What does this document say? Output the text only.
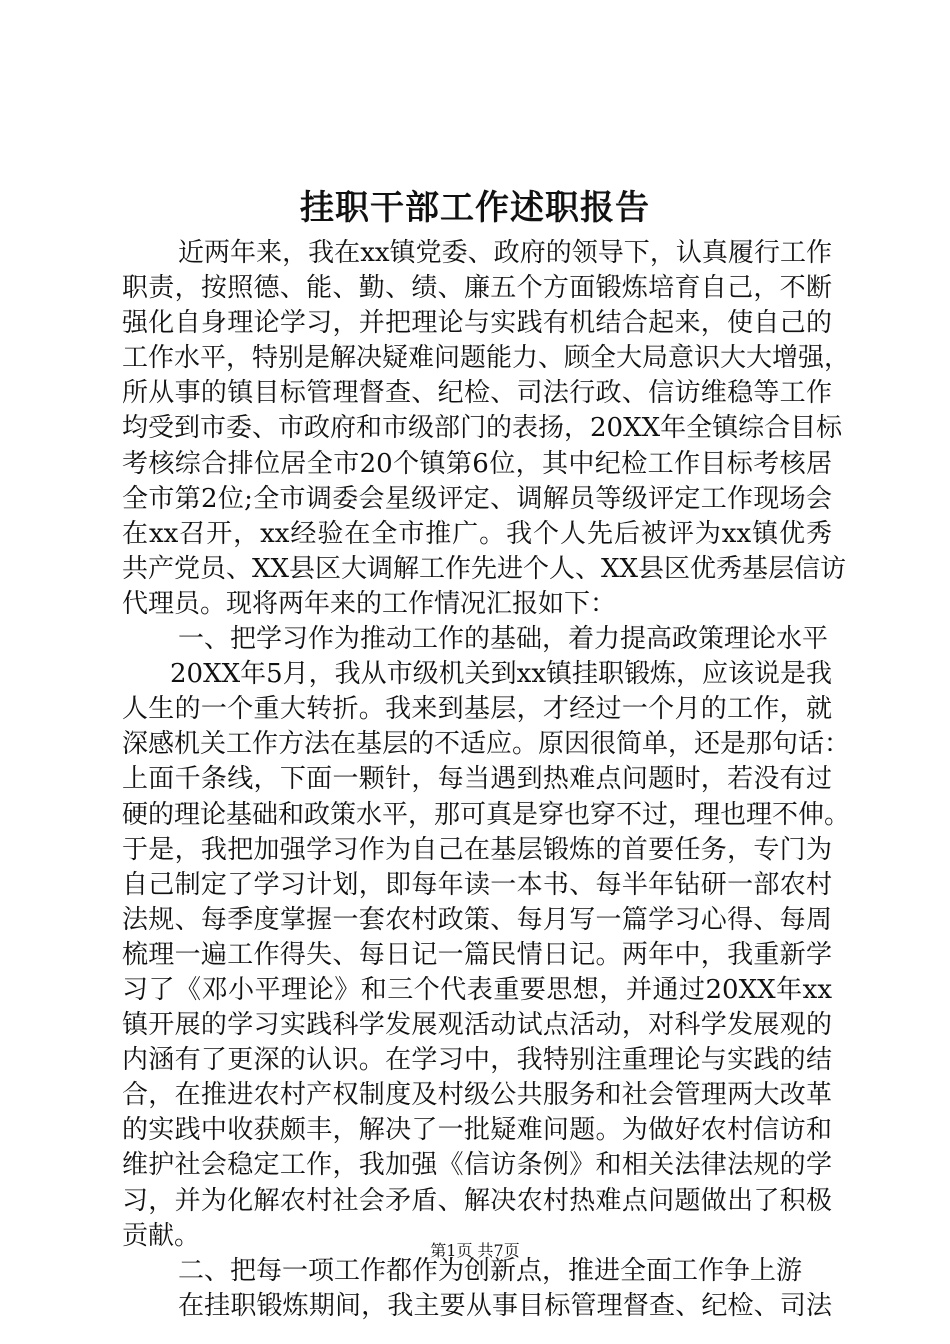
挂职干部工作述职报告
近两年来，我在xx镇党委、政府的领导下，认真履行工作
职责，按照德、能、勤、绩、廉五个方面锻炼培育自己，不断
强化自身理论学习，并把理论与实践有机结合起来，使自己的
工作水平，特别是解决疑难问题能力、顾全大局意识大大增强，
所从事的镇目标管理督查、纪检、司法行政、信访维稳等工作
均受到市委、市政府和市级部门的表扬，20XX年全镇综合目标
考核综合排位居全市20个镇第6位，其中纪检工作目标考核居
全市第2位;全市调委会星级评定、调解员等级评定工作现场会
在xx召开，xx经验在全市推广。我个人先后被评为xx镇优秀
共产党员、XX县区大调解工作先进个人、XX县区优秀基层信访
代理员。现将两年来的工作情况汇报如下：
一、把学习作为推动工作的基础，着力提高政策理论水平
20XX年5月，我从市级机关到xx镇挂职锻炼，应该说是我
人生的一个重大转折。我来到基层，才经过一个月的工作，就
深感机关工作方法在基层的不适应。原因很简单，还是那句话：
上面千条线，下面一颗针，每当遇到热难点问题时，若没有过
硬的理论基础和政策水平，那可真是穿也穿不过，理也理不伸。
于是，我把加强学习作为自己在基层锻炼的首要任务，专门为
自己制定了学习计划，即每年读一本书、每半年钻研一部农村
法规、每季度掌握一套农村政策、每月写一篇学习心得、每周
梳理一遍工作得失、每日记一篇民情日记。两年中，我重新学
习了《邓小平理论》和三个代表重要思想，并通过20XX年xx
镇开展的学习实践科学发展观活动试点活动，对科学发展观的
内涵有了更深的认识。在学习中，我特别注重理论与实践的结
合，在推进农村产权制度及村级公共服务和社会管理两大改革
的实践中收获颇丰，解决了一批疑难问题。为做好农村信访和
维护社会稳定工作，我加强《信访条例》和相关法律法规的学
习，并为化解农村社会矛盾、解决农村热难点问题做出了积极
贡献。
二、把每一项工作都作为创新点，推进全面工作争上游
在挂职锻炼期间，我主要从事目标管理督查、纪检、司法
第1页 共7页
